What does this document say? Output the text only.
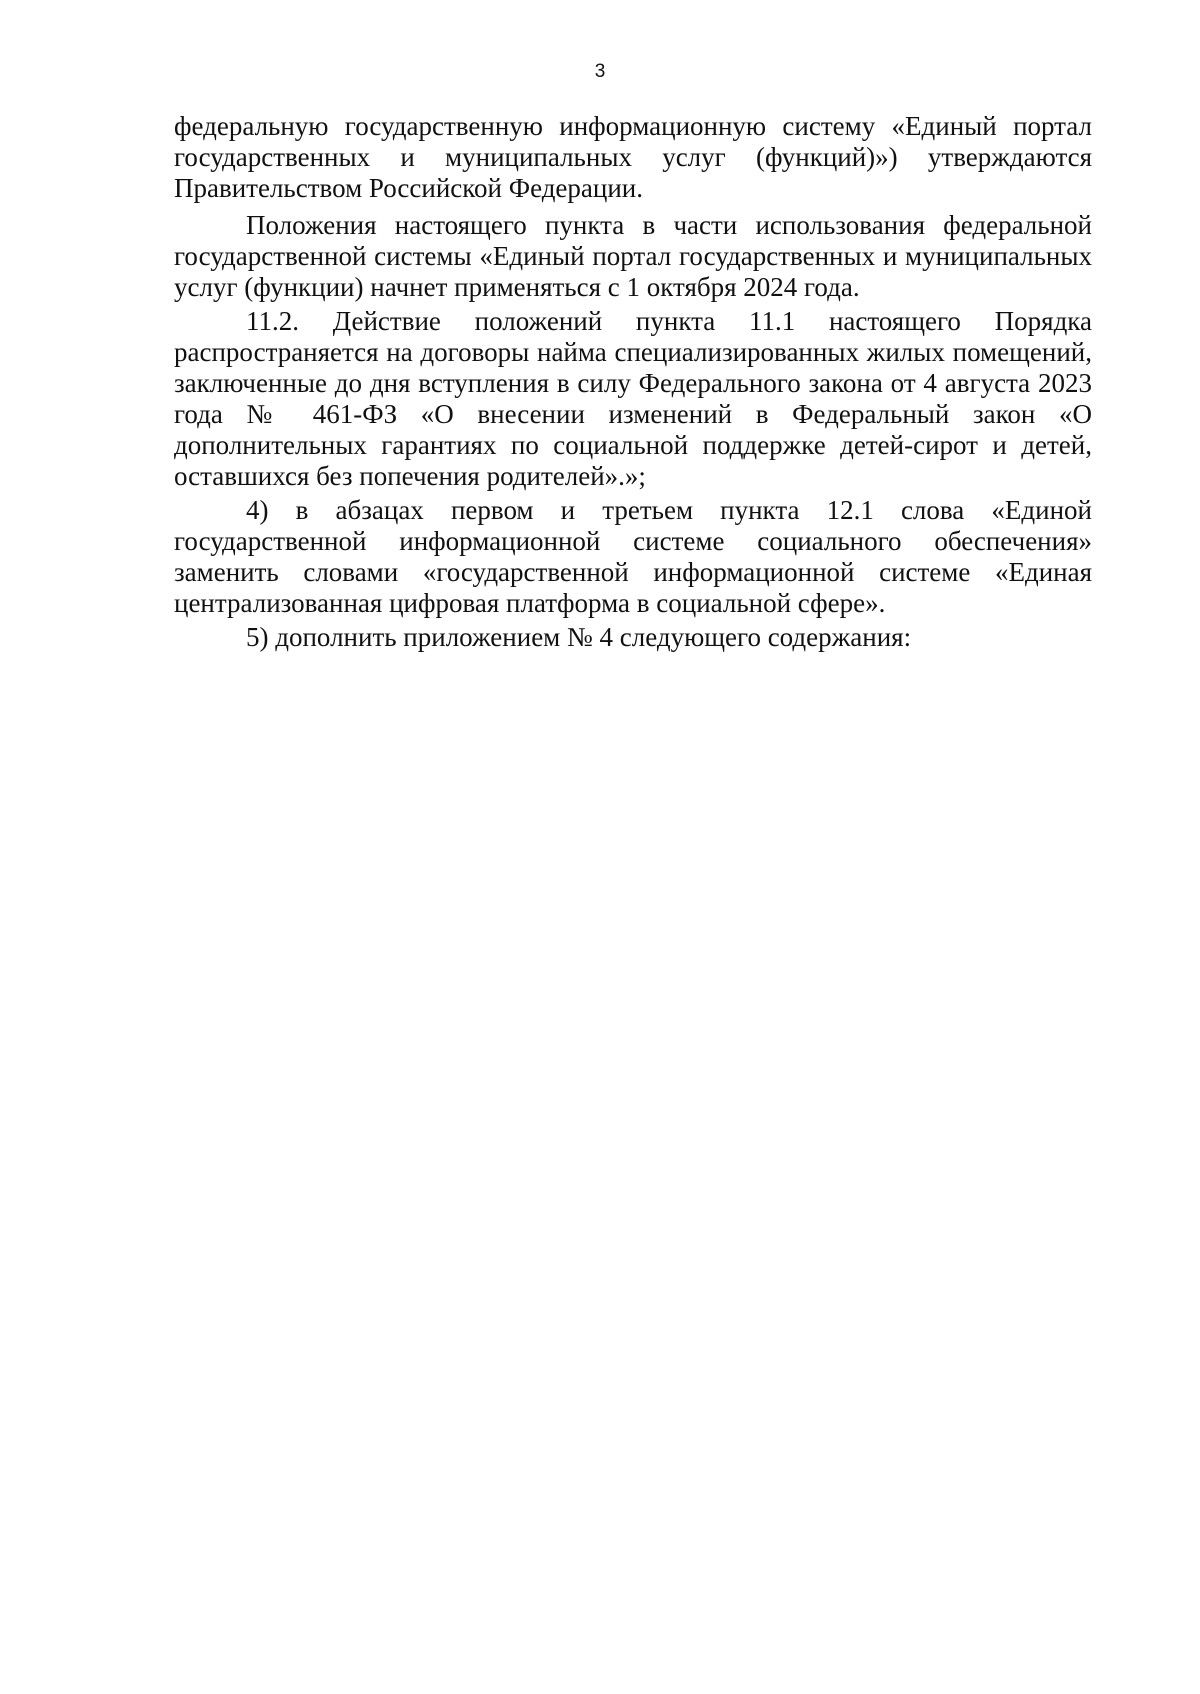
3

федеральную государственную информационную систему «Единый портал государственных и муниципальных услуг (функций)») утверждаются Правительством Российской Федерации.

Положения настоящего пункта в части использования федеральной государственной системы «Единый портал государственных и муниципальных услуг (функции) начнет применяться с 1 октября 2024 года.

11.2. Действие положений пункта 11.1 настоящего Порядка распространяется на договоры найма специализированных жилых помещений, заключенные до дня вступления в силу Федерального закона от 4 августа 2023 года № 461-ФЗ «О внесении изменений в Федеральный закон «О дополнительных гарантиях по социальной поддержке детей-сирот и детей, оставшихся без попечения родителей».»;

4) в абзацах первом и третьем пункта 12.1 слова «Единой государственной информационной системе социального обеспечения» заменить словами «государственной информационной системе «Единая централизованная цифровая платформа в социальной сфере».

5) дополнить приложением № 4 следующего содержания:
